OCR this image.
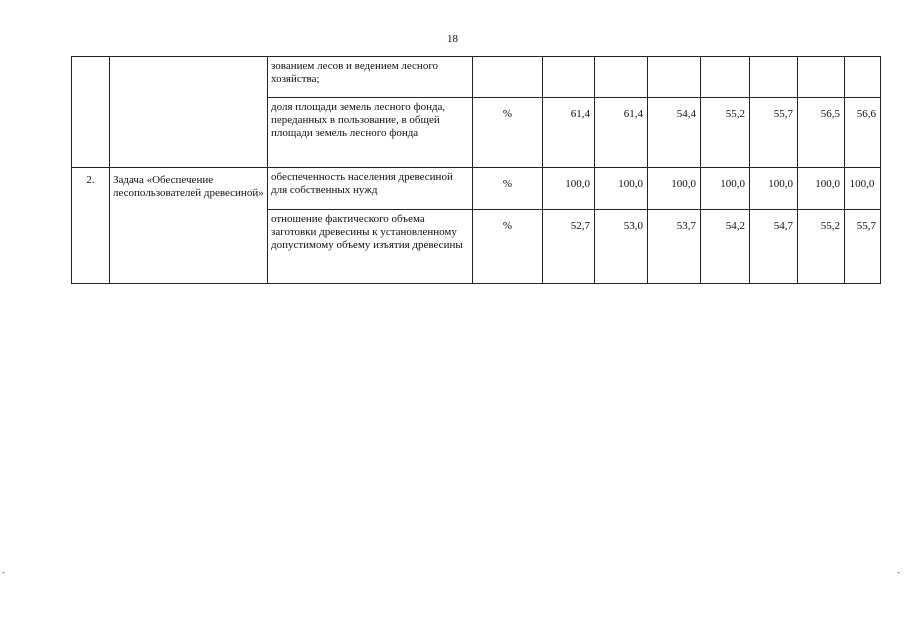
18
		зованием лесов и ведением лесного хозяйства;								
		доля площади земель лесного фонда, переданных в пользование, в общей площади земель лесного фонда	%	61,4	61,4	54,4	55,2	55,7	56,5	56,6
2.	Задача «Обеспечение лесопользователей древесиной»	обеспеченность населения древесиной для собственных нужд	%	100,0	100,0	100,0	100,0	100,0	100,0	100,0
		отношение фактического объема заготовки древесины к установленному допустимому объему изъятия древесины	%	52,7	53,0	53,7	54,2	54,7	55,2	55,7
-	-
